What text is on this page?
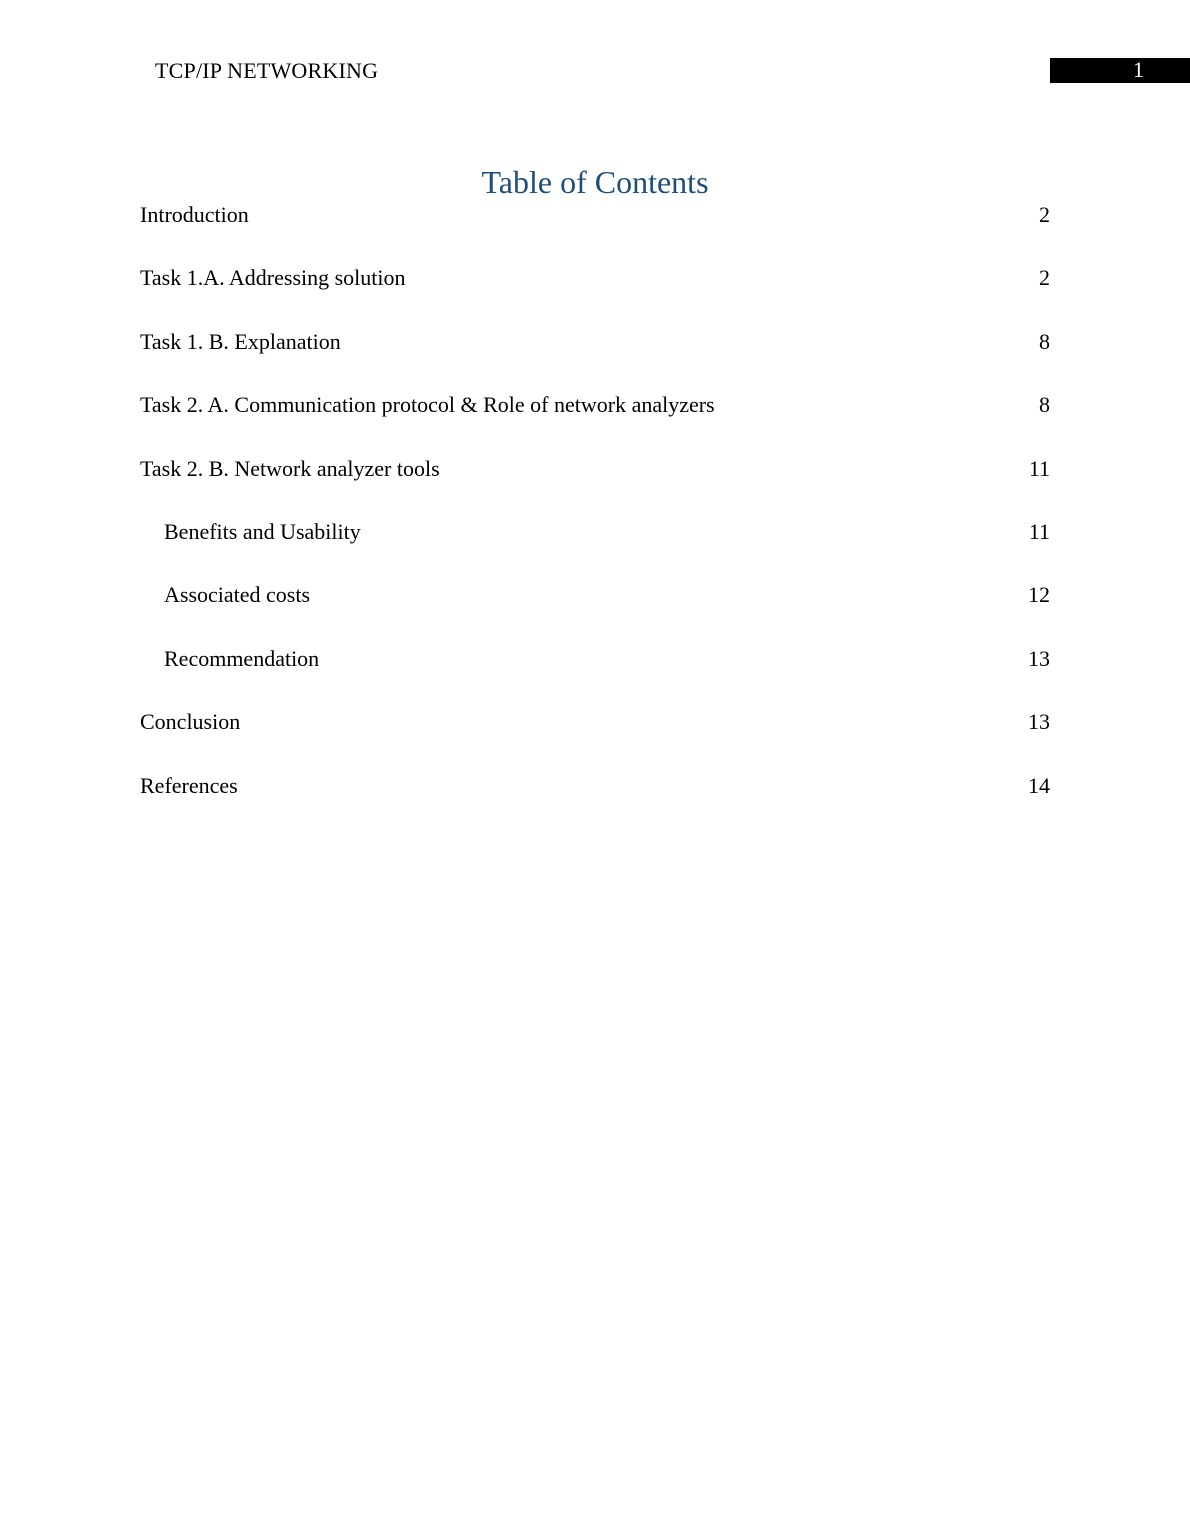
TCP/IP NETWORKING	1
Table of Contents
Introduction	2
Task 1.A. Addressing solution	2
Task 1. B. Explanation	8
Task 2. A. Communication protocol & Role of network analyzers	8
Task 2. B. Network analyzer tools	11
Benefits and Usability	11
Associated costs	12
Recommendation	13
Conclusion	13
References	14
